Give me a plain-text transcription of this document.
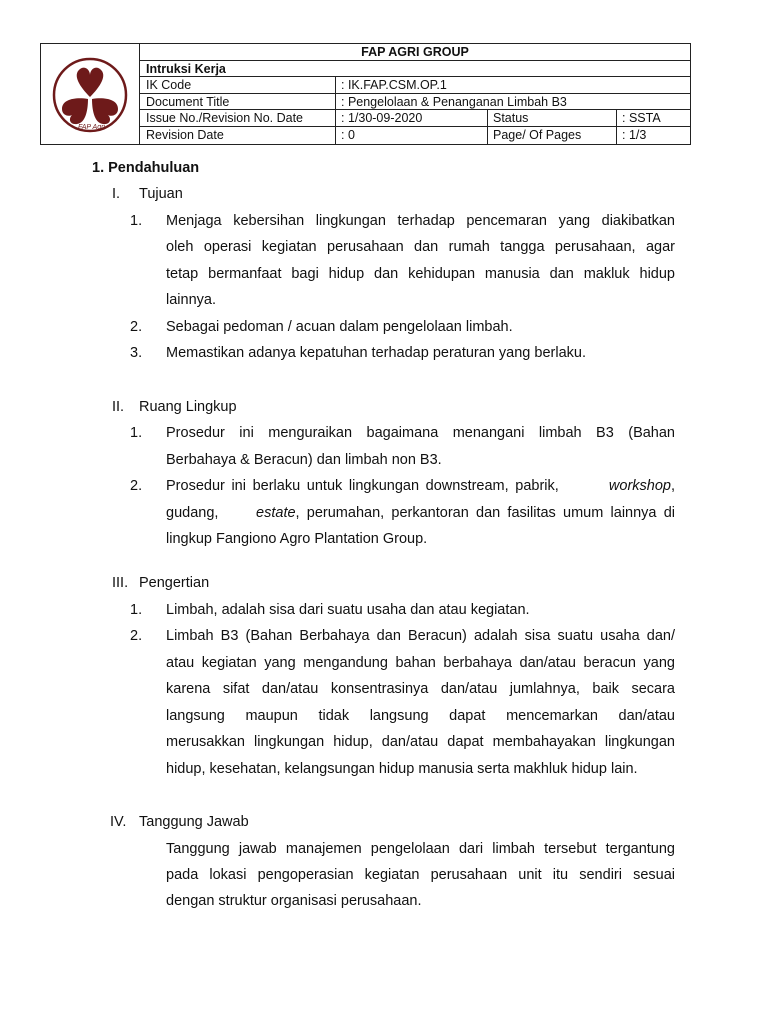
FAP Agri
FAP AGRI GROUP
Intruksi Kerja
IK Code	: IK.FAP.CSM.OP.1
Document Title	: Pengelolaan & Penanganan Limbah B3
Issue No./Revision No. Date	: 1/30-09-2020	Status	: SSTA
Revision Date	: 0	Page/ Of Pages	: 1/3
1. Pendahuluan
I. Tujuan
1. Menjaga kebersihan lingkungan terhadap pencemaran yang diakibatkan
oleh operasi kegiatan perusahaan dan rumah tangga perusahaan, agar
tetap bermanfaat bagi hidup dan kehidupan manusia dan makluk hidup
lainnya.
2. Sebagai pedoman / acuan dalam pengelolaan limbah.
3. Memastikan adanya kepatuhan terhadap peraturan yang berlaku.
II. Ruang Lingkup
1. Prosedur ini menguraikan bagaimana menangani limbah B3 (Bahan
Berbahaya & Beracun) dan limbah non B3.
2. Prosedur ini berlaku untuk lingkungan downstream, pabrik,	workshop,
gudang,	estate, perumahan, perkantoran dan fasilitas umum lainnya di
lingkup Fangiono Agro Plantation Group.
III. Pengertian
1. Limbah, adalah sisa dari suatu usaha dan atau kegiatan.
2. Limbah B3 (Bahan Berbahaya dan Beracun) adalah sisa suatu usaha dan/
atau kegiatan yang mengandung bahan berbahaya dan/atau beracun yang
karena sifat dan/atau konsentrasinya dan/atau jumlahnya, baik secara
langsung maupun tidak langsung dapat mencemarkan dan/atau
merusakkan lingkungan hidup, dan/atau dapat membahayakan lingkungan
hidup, kesehatan, kelangsungan hidup manusia serta makhluk hidup lain.
IV. Tanggung Jawab
Tanggung jawab manajemen pengelolaan dari limbah tersebut tergantung
pada lokasi pengoperasian kegiatan perusahaan unit itu sendiri sesuai
dengan struktur organisasi perusahaan.
